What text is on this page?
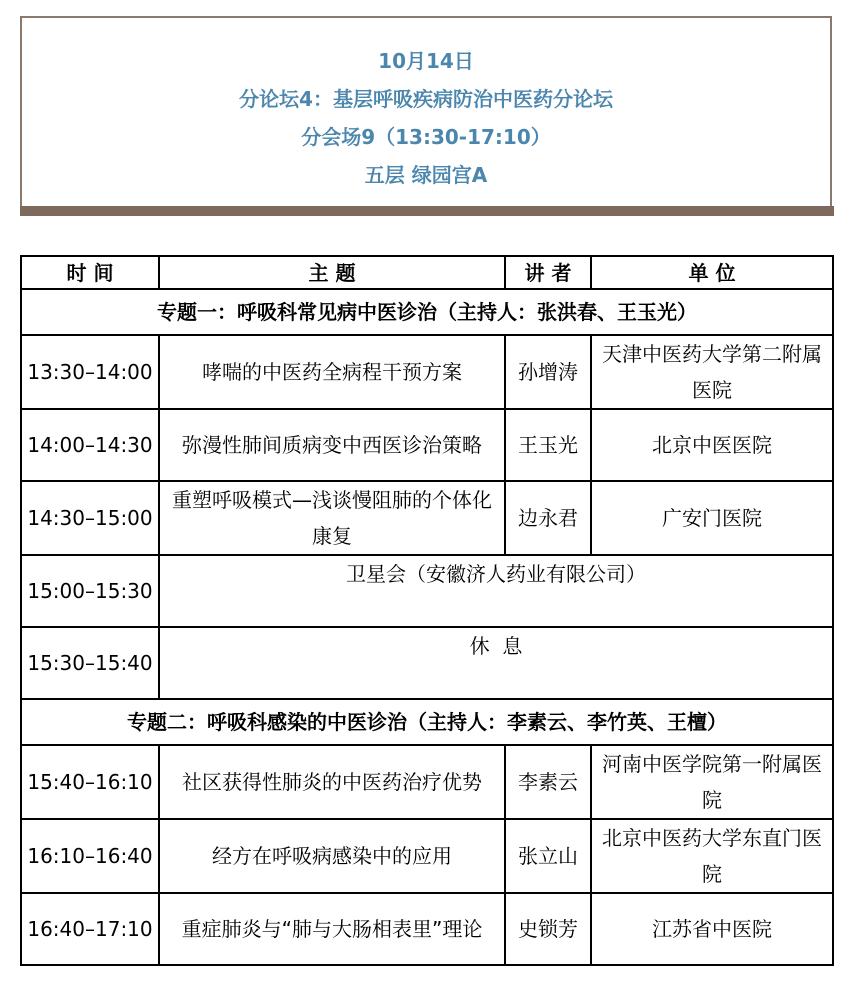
10月14日
分论坛4：基层呼吸疾病防治中医药分论坛
分会场9（13:30-17:10）
五层 绿园宫A
时 间	主 题	讲 者	单 位
专题一：呼吸科常见病中医诊治（主持人：张洪春、王玉光）			
13:30–14:00	哮喘的中医药全病程干预方案	孙增涛	天津中医药大学第二附属医院
14:00–14:30	弥漫性肺间质病变中西医诊治策略	王玉光	北京中医医院
14:30–15:00	重塑呼吸模式—浅谈慢阻肺的个体化康复	边永君	广安门医院
15:00–15:30	卫星会（安徽济人药业有限公司）		
15:30–15:40	休  息		
专题二：呼吸科感染的中医诊治（主持人：李素云、李竹英、王檀）			
15:40–16:10	社区获得性肺炎的中医药治疗优势	李素云	河南中医学院第一附属医院
16:10–16:40	经方在呼吸病感染中的应用	张立山	北京中医药大学东直门医院
16:40–17:10	重症肺炎与“肺与大肠相表里”理论	史锁芳	江苏省中医院
